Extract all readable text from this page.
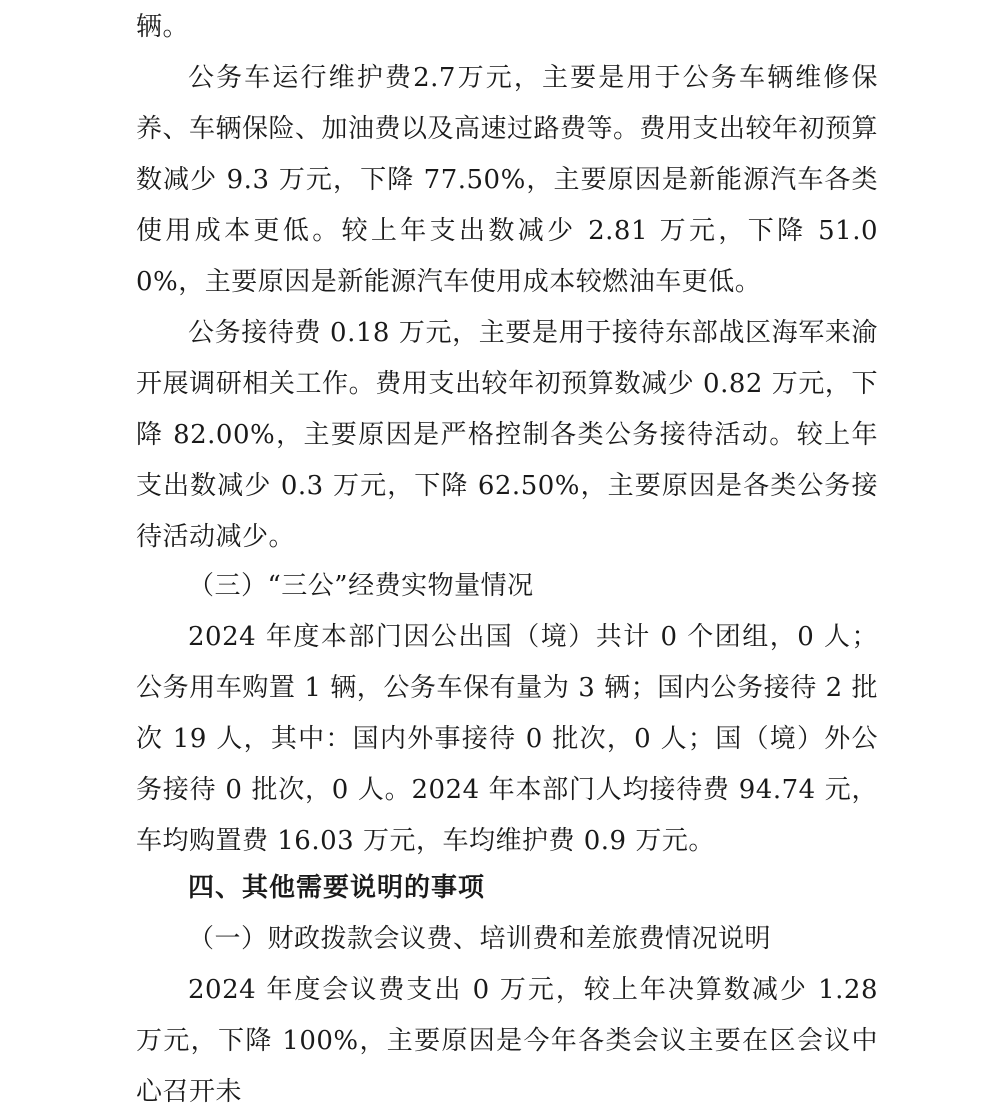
辆。

公务车运行维护费2.7万元，主要是用于公务车辆维修保养、车辆保险、加油费以及高速过路费等。费用支出较年初预算数减少 9.3 万元，下降 77.50%，主要原因是新能源汽车各类使用成本更低。较上年支出数减少 2.81 万元，下降 51.00%，主要原因是新能源汽车使用成本较燃油车更低。

公务接待费 0.18 万元，主要是用于接待东部战区海军来渝开展调研相关工作。费用支出较年初预算数减少 0.82 万元，下降 82.00%，主要原因是严格控制各类公务接待活动。较上年支出数减少 0.3 万元，下降 62.50%，主要原因是各类公务接待活动减少。

（三）“三公”经费实物量情况

2024 年度本部门因公出国（境）共计 0 个团组，0 人；公务用车购置 1 辆，公务车保有量为 3 辆；国内公务接待 2 批次 19 人，其中：国内外事接待 0 批次，0 人；国（境）外公务接待 0 批次，0 人。2024 年本部门人均接待费 94.74 元，车均购置费 16.03 万元，车均维护费 0.9 万元。

四、其他需要说明的事项

（一）财政拨款会议费、培训费和差旅费情况说明

2024 年度会议费支出 0 万元，较上年决算数减少 1.28 万元，下降 100%，主要原因是今年各类会议主要在区会议中心召开未
